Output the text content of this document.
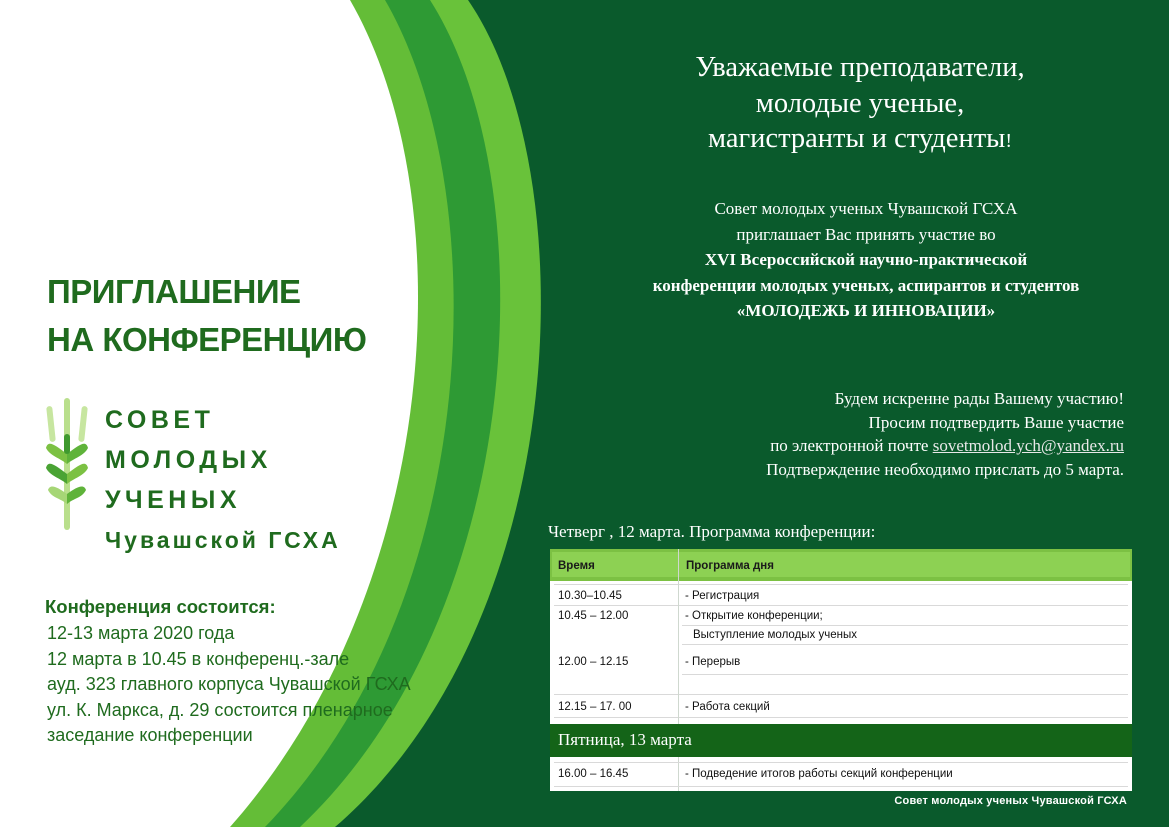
ПРИГЛАШЕНИЕ
НА КОНФЕРЕНЦИЮ
СОВЕТ
МОЛОДЫХ
УЧЕНЫХ
Чувашской ГСХА
Конференция состоится:
12-13 марта 2020 года
12 марта в 10.45 в конференц.-зале
ауд. 323 главного корпуса Чувашской ГСХА
ул. К. Маркса, д. 29 состоится пленарное
заседание конференции
Уважаемые преподаватели,
молодые ученые,
магистранты и студенты!
Совет молодых ученых Чувашской ГСХА
приглашает Вас принять участие во
XVI Всероссийской научно-практической
конференции молодых ученых, аспирантов и студентов
«МОЛОДЕЖЬ И ИННОВАЦИИ»
Будем искренне рады Вашему участию!
Просим подтвердить Ваше участие
по электронной почте sovetmolod.ych@yandex.ru
Подтверждение необходимо прислать до 5 марта.
Четверг , 12 марта. Программа конференции:
Время	Программа дня
10.30–10.45	- Регистрация
10.45 – 12.00	- Открытие конференции;
Выступление молодых ученых
12.00 – 12.15	- Перерыв
12.15 – 17. 00	- Работа секций
Пятница, 13 марта
16.00 – 16.45	- Подведение итогов работы секций конференции
Совет молодых ученых Чувашской ГСХА
